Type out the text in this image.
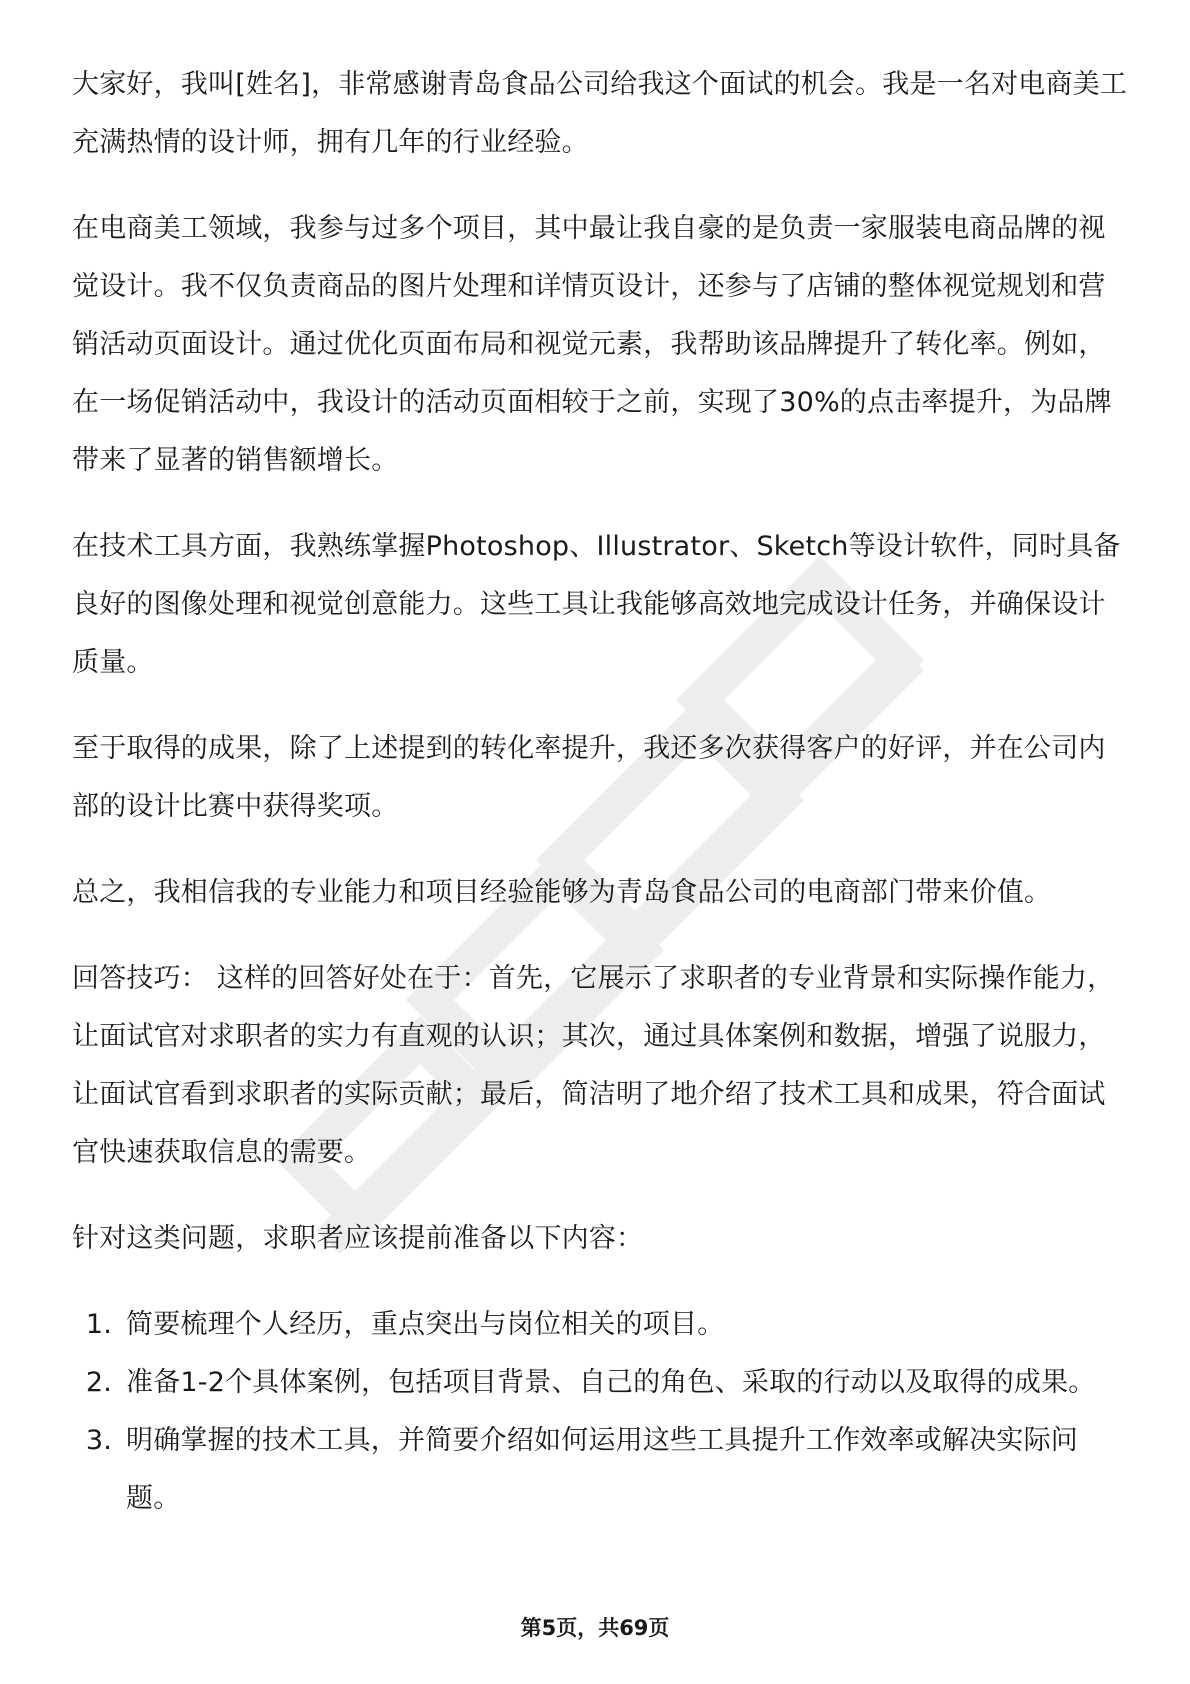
大家好，我叫[姓名]，非常感谢青岛食品公司给我这个面试的机会。我是一名对电商美工充满热情的设计师，拥有几年的行业经验。

在电商美工领域，我参与过多个项目，其中最让我自豪的是负责一家服装电商品牌的视觉设计。我不仅负责商品的图片处理和详情页设计，还参与了店铺的整体视觉规划和营销活动页面设计。通过优化页面布局和视觉元素，我帮助该品牌提升了转化率。例如，在一场促销活动中，我设计的活动页面相较于之前，实现了30%的点击率提升，为品牌带来了显著的销售额增长。

在技术工具方面，我熟练掌握Photoshop、Illustrator、Sketch等设计软件，同时具备良好的图像处理和视觉创意能力。这些工具让我能够高效地完成设计任务，并确保设计质量。

至于取得的成果，除了上述提到的转化率提升，我还多次获得客户的好评，并在公司内部的设计比赛中获得奖项。

总之，我相信我的专业能力和项目经验能够为青岛食品公司的电商部门带来价值。

回答技巧： 这样的回答好处在于：首先，它展示了求职者的专业背景和实际操作能力，让面试官对求职者的实力有直观的认识；其次，通过具体案例和数据，增强了说服力，让面试官看到求职者的实际贡献；最后，简洁明了地介绍了技术工具和成果，符合面试官快速获取信息的需要。

针对这类问题，求职者应该提前准备以下内容：

1. 简要梳理个人经历，重点突出与岗位相关的项目。
2. 准备1-2个具体案例，包括项目背景、自己的角色、采取的行动以及取得的成果。
3. 明确掌握的技术工具，并简要介绍如何运用这些工具提升工作效率或解决实际问题。
第5页，共69页
